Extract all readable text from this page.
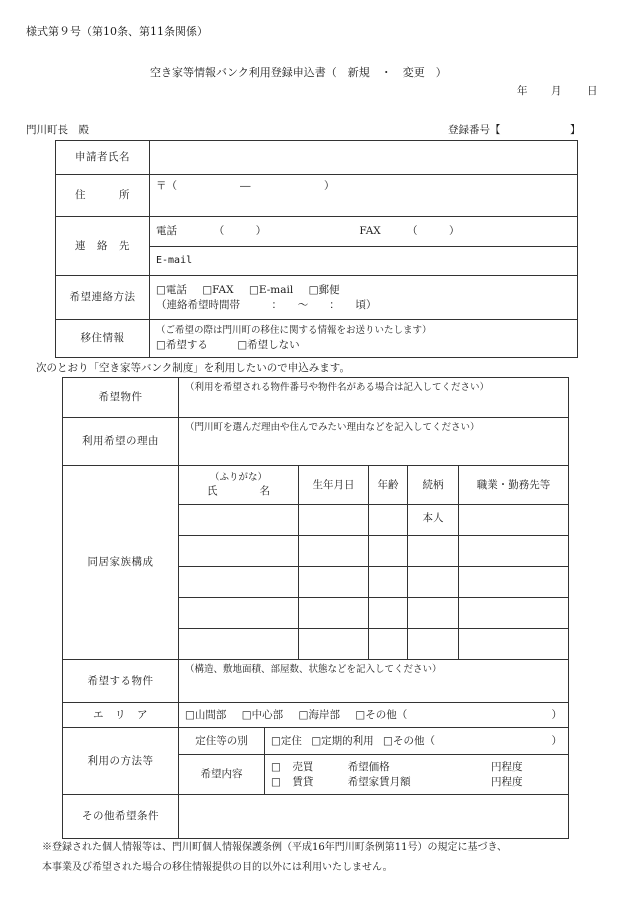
様式第９号（第10条、第11条関係）
空き家等情報バンク利用登録申込書（　新規　・　変更　）
年 月 日
門川町長　殿	登録番号【	】
申請者氏名	
住　　　所	〒（　　　　　　―　　　　　　　）
連　絡　先	電話　　　　（　　　） FAX　　　（　　　）
	E-mail
希望連絡方法	□電話 □FAX □E-mail □郵便
（連絡希望時間帯　　　：　　〜　　：　　頃）

移住情報	（ご希望の際は門川町の移住に関する情報をお送りいたします）
□希望する □希望しない
次のとおり「空き家等バンク制度」を利用したいので申込みます。
希望物件	（利用を希望される物件番号や物件名がある場合は記入してください）					
利用希望の理由	（門川町を選んだ理由や住んでみたい理由などを記入してください）					
同居家族構成	（ふりがな）
氏　　　　名		生年月日	年齢	続柄	職業・勤務先等
					本人	

希望する物件	（構造、敷地面積、部屋数、状態などを記入してください）					
エ　リ　ア	□山間部 □中心部 □海岸部 □その他（ ）					

利用の方法等	定住等の別	□定住 □定期的利用 □その他（ ）				

	希望内容	□ 売買 希望価格 円程度
□ 賃貸 希望家賃月額 円程度				

その他希望条件						
※登録された個人情報等は、門川町個人情報保護条例（平成16年門川町条例第11号）の規定に基づき、
本事業及び希望された場合の移住情報提供の目的以外には利用いたしません。
